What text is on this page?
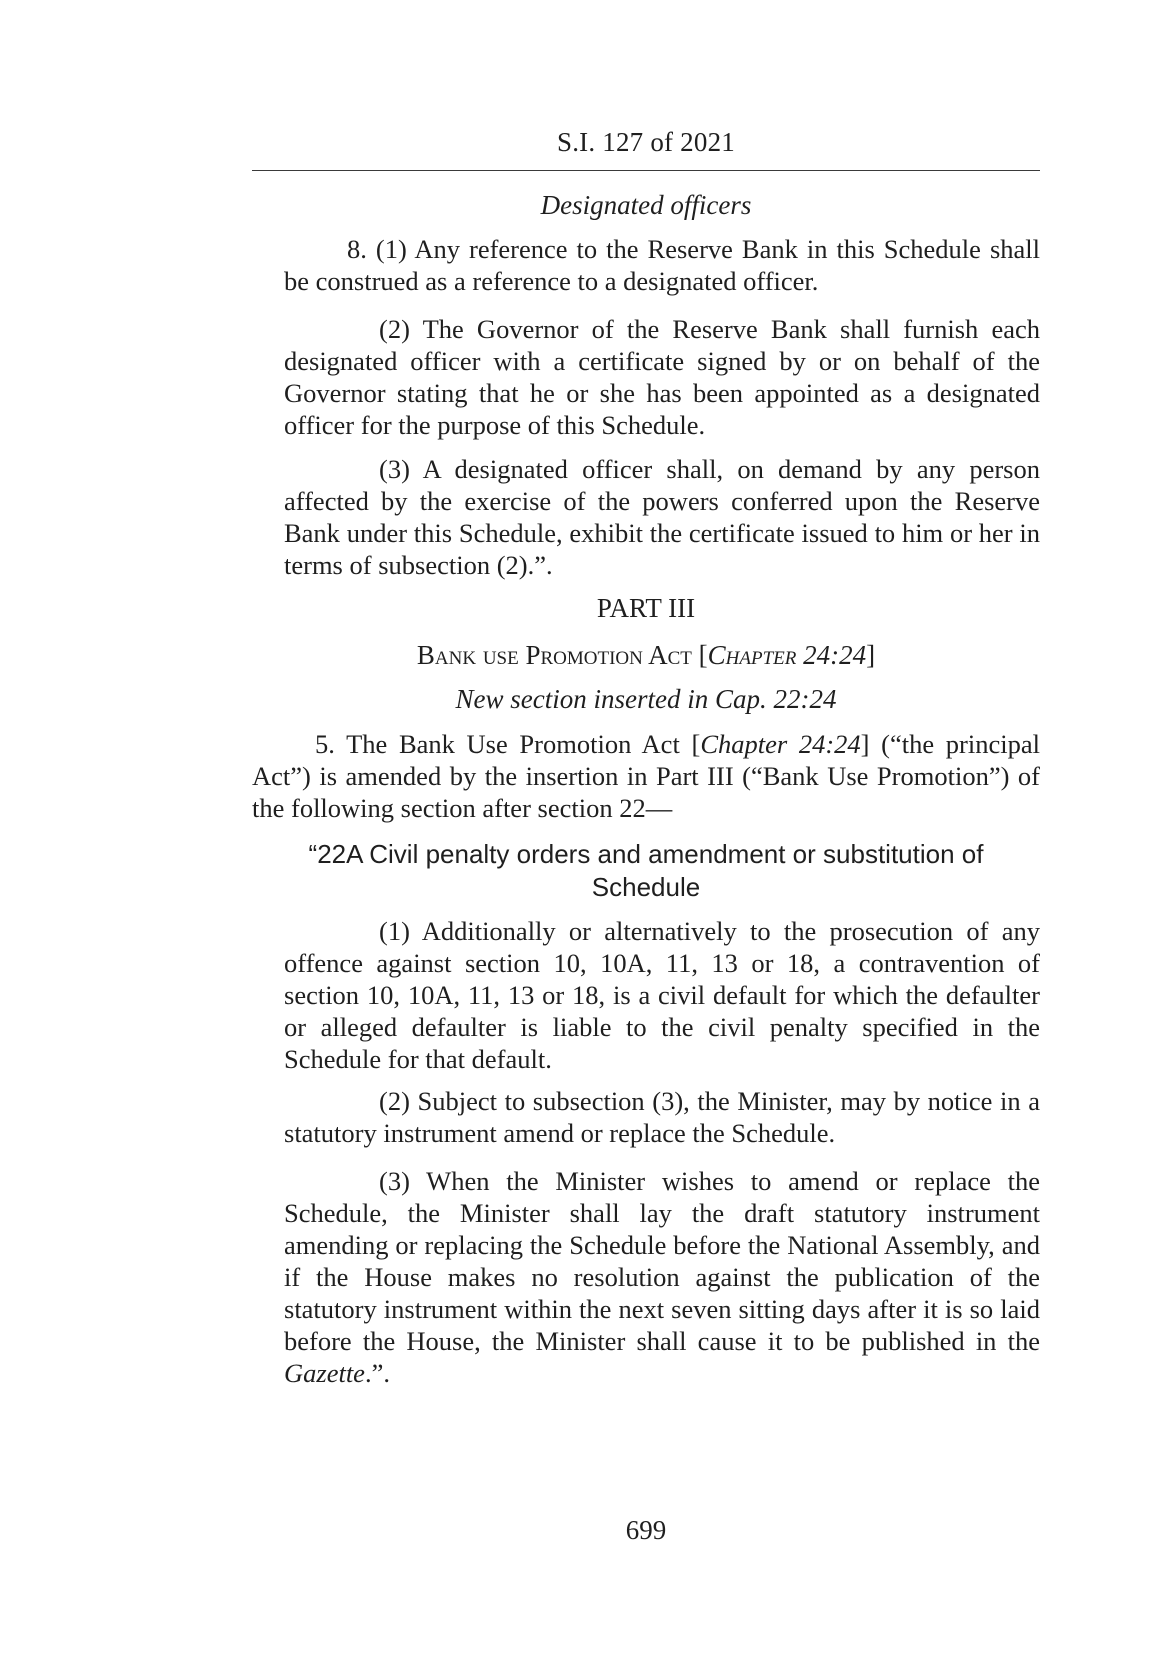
S.I. 127 of 2021
Designated officers

8. (1) Any reference to the Reserve Bank in this Schedule shall be construed as a reference to a designated officer.

(2) The Governor of the Reserve Bank shall furnish each designated officer with a certificate signed by or on behalf of the Governor stating that he or she has been appointed as a designated officer for the purpose of this Schedule.

(3) A designated officer shall, on demand by any person affected by the exercise of the powers conferred upon the Reserve Bank under this Schedule, exhibit the certificate issued to him or her in terms of subsection (2).”.

PART III
Bank use Promotion Act [Chapter 24:24]
New section inserted in Cap. 22:24

5. The Bank Use Promotion Act [Chapter 24:24] (“the principal Act”) is amended by the insertion in Part III (“Bank Use Promotion”) of the following section after section 22—

“22A Civil penalty orders and amendment or substitution of
Schedule

(1) Additionally or alternatively to the prosecution of any offence against section 10, 10A, 11, 13 or 18, a contravention of section 10, 10A, 11, 13 or 18, is a civil default for which the defaulter or alleged defaulter is liable to the civil penalty specified in the Schedule for that default.

(2) Subject to subsection (3), the Minister, may by notice in a statutory instrument amend or replace the Schedule.

(3) When the Minister wishes to amend or replace the Schedule, the Minister shall lay the draft statutory instrument amending or replacing the Schedule before the National Assembly, and if the House makes no resolution against the publication of the statutory instrument within the next seven sitting days after it is so laid before the House, the Minister shall cause it to be published in the Gazette.”.

699
